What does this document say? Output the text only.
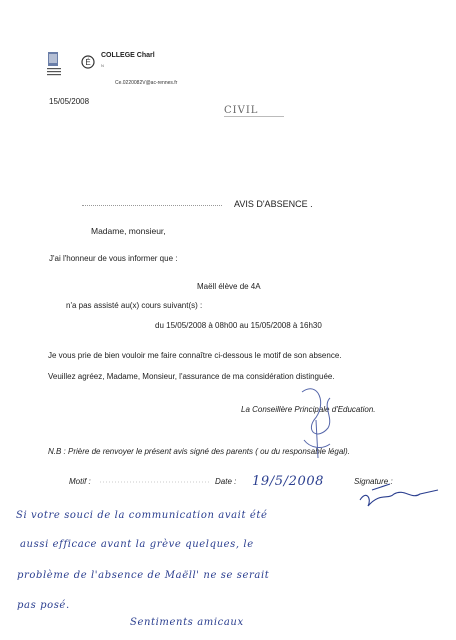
É
COLLEGE Charl
N
Ce.0220082V@ac-rennes.fr
15/05/2008
CIVIL
AVIS D'ABSENCE .
Madame, monsieur,
J'ai l'honneur de vous informer que :
Maëll élève de 4A
n'a pas assisté au(x) cours suivant(s) :
du 15/05/2008 à 08h00 au 15/05/2008 à 16h30
Je vous prie de bien vouloir me faire connaître ci-dessous le motif de son absence.
Veuillez agréez, Madame, Monsieur, l'assurance de ma considération distinguée.
La Conseillère Principale d'Education.
N.B : Prière de renvoyer le présent avis signé des parents ( ou du responsable légal).
Motif :	Date :	Signature :
19/5/2008
Si votre souci de la communication avait été
aussi efficace avant la grève quelques, le
problème de l'absence de Maëll' ne se serait
pas posé.
Sentiments amicaux
